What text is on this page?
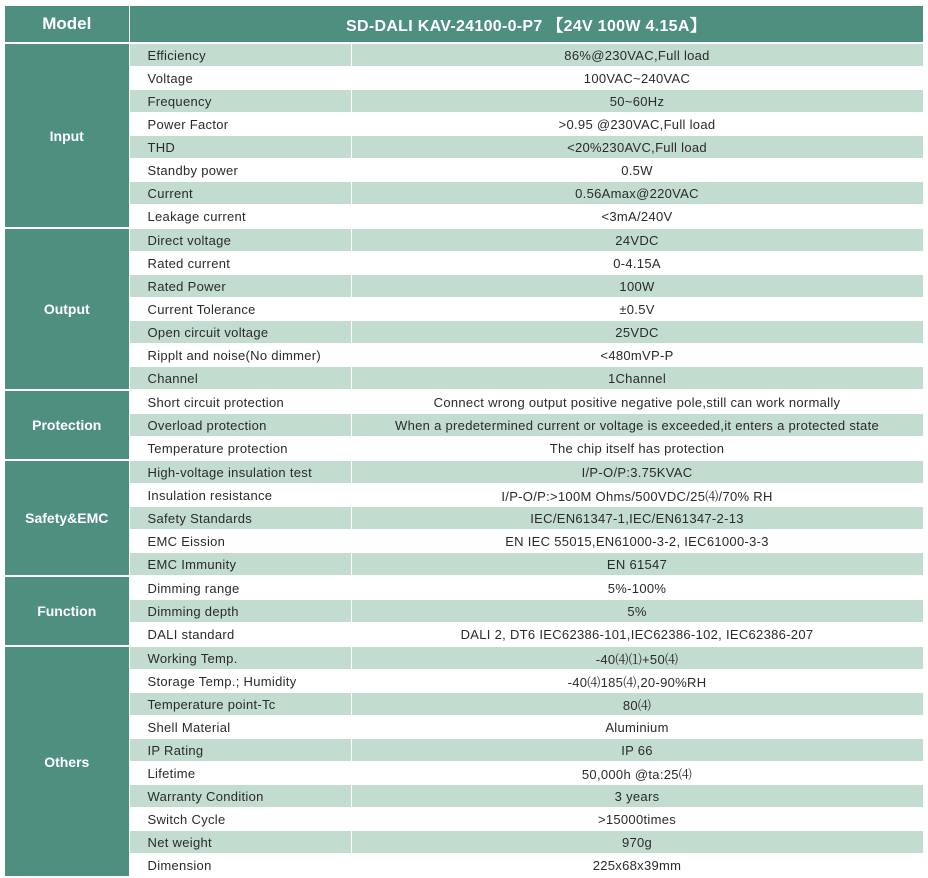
Model	SD-DALI KAV-24100-0-P7 【24V 100W 4.15A】	
Input	Efficiency	86%@230VAC,Full load
	Voltage	100VAC~240VAC
	Frequency	50~60Hz
	Power Factor	>0.95 @230VAC,Full load
	THD	<20%230AVC,Full load
	Standby power	0.5W
	Current	0.56Amax@220VAC
	Leakage current	<3mA/240V
Output	Direct voltage	24VDC
	Rated current	0-4.15A
	Rated Power	100W
	Current Tolerance	±0.5V
	Open circuit voltage	25VDC
	Ripplt and noise(No dimmer)	<480mVP-P
	Channel	1Channel
Protection	Short circuit protection	Connect wrong output positive negative pole,still can work normally
	Overload protection	When a predetermined current or voltage is exceeded,it enters a protected state
	Temperature protection	The chip itself has protection
Safety&EMC	High-voltage insulation test	I/P-O/P:3.75KVAC
	Insulation resistance	I/P-O/P:>100M Ohms/500VDC/25⑷/70% RH
	Safety Standards	IEC/EN61347-1,IEC/EN61347-2-13
	EMC Eission	EN IEC 55015,EN61000-3-2, IEC61000-3-3
	EMC Immunity	EN 61547
Function	Dimming range	5%-100%
	Dimming depth	5%
	DALI standard	DALI 2, DT6 IEC62386-101,IEC62386-102, IEC62386-207
Others	Working Temp.	-40⑷⑴+50⑷
	Storage Temp.; Humidity	-40⑷185⑷,20-90%RH
	Temperature point-Tc	80⑷
	Shell Material	Aluminium
	IP Rating	IP 66
	Lifetime	50,000h @ta:25⑷
	Warranty Condition	3 years
	Switch Cycle	>15000times
	Net weight	970g
	Dimension	225x68x39mm
